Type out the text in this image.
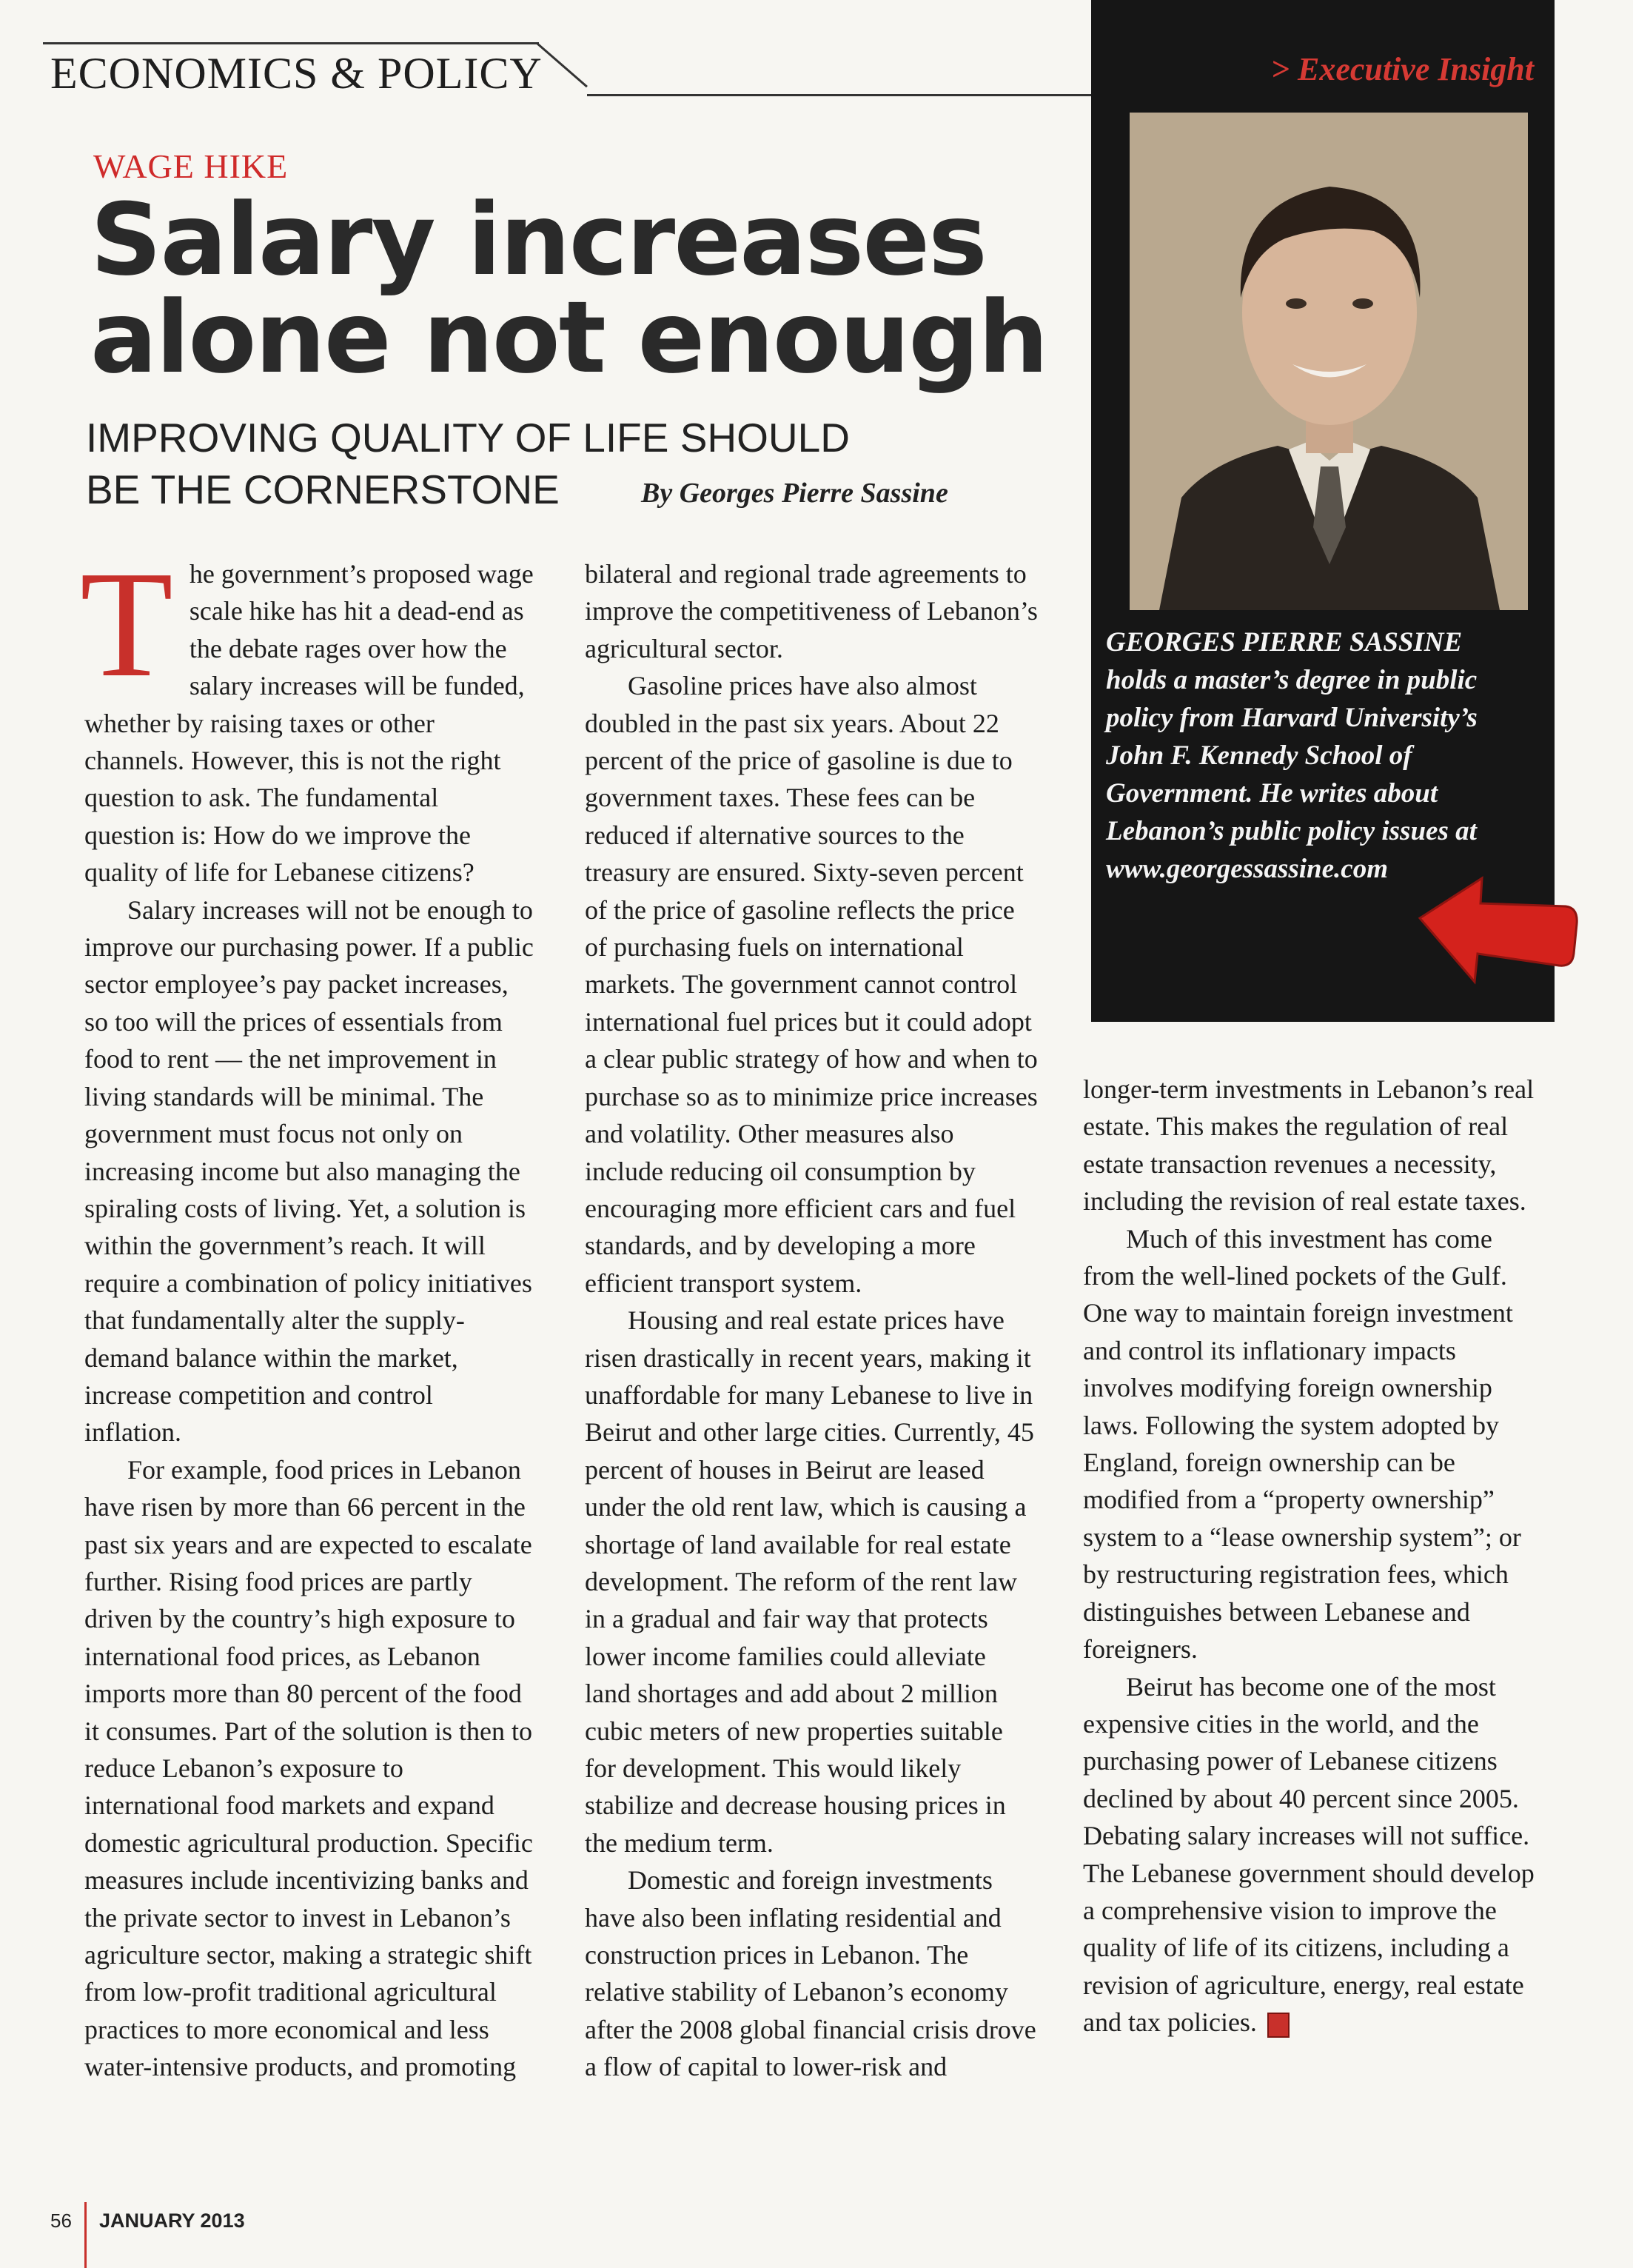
ECONOMICS & POLICY
WAGE HIKE
Salary increases alone not enough
IMPROVING QUALITY OF LIFE SHOULD BE THE CORNERSTONE	By Georges Pierre Sassine

The government’s proposed wage scale hike has hit a dead-end as the debate rages over how the salary increases will be funded, whether by raising taxes or other channels. However, this is not the right question to ask. The fundamental question is: How do we improve the quality of life for Lebanese citizens?

Salary increases will not be enough to improve our purchasing power. If a public sector employee’s pay packet increases, so too will the prices of essentials from food to rent — the net improvement in living standards will be minimal. The government must focus not only on increasing income but also managing the spiraling costs of living. Yet, a solution is within the government’s reach. It will require a combination of policy initiatives that fundamentally alter the supply-demand balance within the market, increase competition and control inflation.

For example, food prices in Lebanon have risen by more than 66 percent in the past six years and are expected to escalate further. Rising food prices are partly driven by the country’s high exposure to international food prices, as Lebanon imports more than 80 percent of the food it consumes. Part of the solution is then to reduce Lebanon’s exposure to international food markets and expand domestic agricultural production. Specific measures include incentivizing banks and the private sector to invest in Lebanon’s agriculture sector, making a strategic shift from low-profit traditional agricultural practices to more economical and less water-intensive products, and promoting

bilateral and regional trade agreements to improve the competitiveness of Lebanon’s agricultural sector.

Gasoline prices have also almost doubled in the past six years. About 22 percent of the price of gasoline is due to government taxes. These fees can be reduced if alternative sources to the treasury are ensured. Sixty-seven percent of the price of gasoline reflects the price of purchasing fuels on international markets. The government cannot control international fuel prices but it could adopt a clear public strategy of how and when to purchase so as to minimize price increases and volatility. Other measures also include reducing oil consumption by encouraging more efficient cars and fuel standards, and by developing a more efficient transport system.

Housing and real estate prices have risen drastically in recent years, making it unaffordable for many Lebanese to live in Beirut and other large cities. Currently, 45 percent of houses in Beirut are leased under the old rent law, which is causing a shortage of land available for real estate development. The reform of the rent law in a gradual and fair way that protects lower income families could alleviate land shortages and add about 2 million cubic meters of new properties suitable for development. This would likely stabilize and decrease housing prices in the medium term.

Domestic and foreign investments have also been inflating residential and construction prices in Lebanon. The relative stability of Lebanon’s economy after the 2008 global financial crisis drove a flow of capital to lower-risk and

longer-term investments in Lebanon’s real estate. This makes the regulation of real estate transaction revenues a necessity, including the revision of real estate taxes.

Much of this investment has come from the well-lined pockets of the Gulf. One way to maintain foreign investment and control its inflationary impacts involves modifying foreign ownership laws. Following the system adopted by England, foreign ownership can be modified from a “property ownership” system to a “lease ownership system”; or by restructuring registration fees, which distinguishes between Lebanese and foreigners.

Beirut has become one of the most expensive cities in the world, and the purchasing power of Lebanese citizens declined by about 40 percent since 2005. Debating salary increases will not suffice. The Lebanese government should develop a comprehensive vision to improve the quality of life of its citizens, including a revision of agriculture, energy, real estate and tax policies.

> Executive Insight
GEORGES PIERRE SASSINE holds a master’s degree in public policy from Harvard University’s John F. Kennedy School of Government. He writes about Lebanon’s public policy issues at www.georgessassine.com
56 JANUARY 2013
